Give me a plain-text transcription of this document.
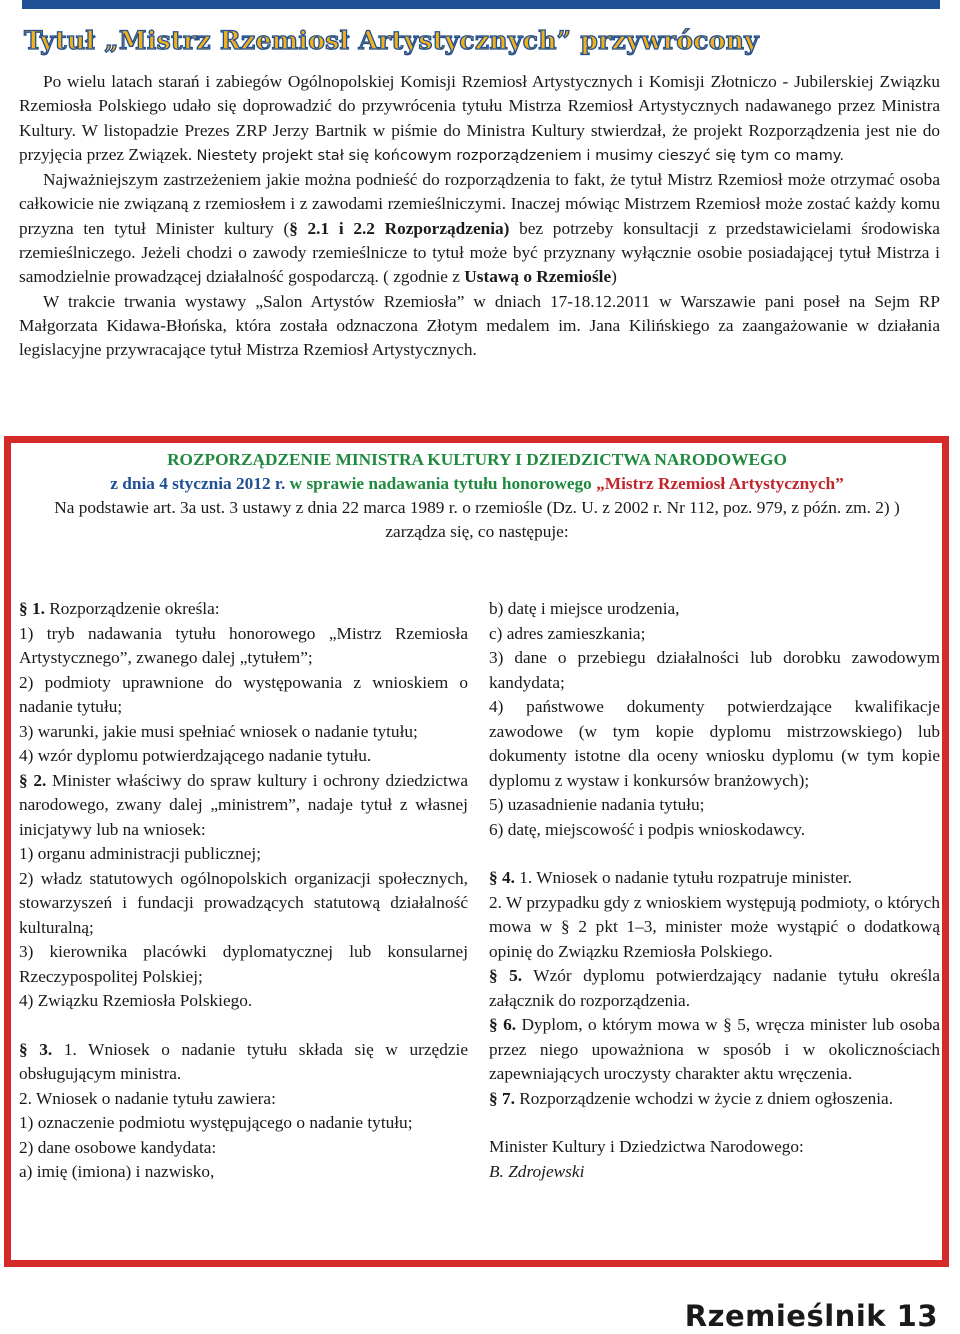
Tytuł „Mistrz Rzemiosł Artystycznych” przywrócony

Po wielu latach starań i zabiegów Ogólnopolskiej Komisji Rzemiosł Artystycznych i Komisji Złotniczo - Jubilerskiej Związku Rzemiosła Polskiego udało się doprowadzić do przywrócenia tytułu Mistrza Rzemiosł Artystycznych nadawanego przez Ministra Kultury. W listopadzie Prezes ZRP Jerzy Bartnik w piśmie do Ministra Kultury stwierdzał, że projekt Rozporządzenia jest nie do przyjęcia przez Związek. Niestety projekt stał się końcowym rozporządzeniem i musimy cieszyć się tym co mamy.

Najważniejszym zastrzeżeniem jakie można podnieść do rozporządzenia to fakt, że tytuł Mistrz Rzemiosł może otrzymać osoba całkowicie nie związaną z rzemiosłem i z zawodami rzemieślniczymi. Inaczej mówiąc Mistrzem Rzemiosł może zostać każdy komu przyzna ten tytuł Minister kultury (§ 2.1 i 2.2 Rozporządzenia) bez potrzeby konsultacji z przedstawicielami środowiska rzemieślniczego. Jeżeli chodzi o zawody rzemieślnicze to tytuł może być przyznany wyłącznie osobie posiadającej tytuł Mistrza i samodzielnie prowadzącej działalność gospodarczą. ( zgodnie z Ustawą o Rzemiośle)

W trakcie trwania wystawy „Salon Artystów Rzemiosła” w dniach 17-18.12.2011 w Warszawie pani poseł na Sejm RP Małgorzata Kidawa-Błońska, która została odznaczona Złotym medalem im. Jana Kilińskiego za zaangażowanie w działania legislacyjne przywracające tytuł Mistrza Rzemiosł Artystycznych.

ROZPORZĄDZENIE MINISTRA KULTURY I DZIEDZICTWA NARODOWEGO
z dnia 4 stycznia 2012 r. w sprawie nadawania tytułu honorowego „Mistrz Rzemiosł Artystycznych”
Na podstawie art. 3a ust. 3 ustawy z dnia 22 marca 1989 r. o rzemiośle (Dz. U. z 2002 r. Nr 112, poz. 979, z późn. zm. 2) ) zarządza się, co następuje:

§ 1. Rozporządzenie określa:

1) tryb nadawania tytułu honorowego „Mistrz Rzemiosła Artystycznego”, zwanego dalej „tytułem”;

2) podmioty uprawnione do występowania z wnioskiem o nadanie tytułu;

3) warunki, jakie musi spełniać wniosek o nadanie tytułu;

4) wzór dyplomu potwierdzającego nadanie tytułu.

§ 2. Minister właściwy do spraw kultury i ochrony dziedzictwa narodowego, zwany dalej „ministrem”, nadaje tytuł z własnej inicjatywy lub na wniosek:

1) organu administracji publicznej;

2) władz statutowych ogólnopolskich organizacji społecznych, stowarzyszeń i fundacji prowadzących statutową działalność kulturalną;

3) kierownika placówki dyplomatycznej lub konsularnej Rzeczypospolitej Polskiej;

4) Związku Rzemiosła Polskiego.

§ 3. 1. Wniosek o nadanie tytułu składa się w urzędzie obsługującym ministra.

2. Wniosek o nadanie tytułu zawiera:

1) oznaczenie podmiotu występującego o nadanie tytułu;

2) dane osobowe kandydata:

a) imię (imiona) i nazwisko,

b) datę i miejsce urodzenia,

c) adres zamieszkania;

3) dane o przebiegu działalności lub dorobku zawodowym kandydata;

4) państwowe dokumenty potwierdzające kwalifikacje zawodowe (w tym kopie dyplomu mistrzowskiego) lub dokumenty istotne dla oceny wniosku dyplomu (w tym kopie dyplomu z wystaw i konkursów branżowych);

5) uzasadnienie nadania tytułu;

6) datę, miejscowość i podpis wnioskodawcy.

§ 4. 1. Wniosek o nadanie tytułu rozpatruje minister.

2. W przypadku gdy z wnioskiem występują podmioty, o których mowa w § 2 pkt 1–3, minister może wystąpić o dodatkową opinię do Związku Rzemiosła Polskiego.

§ 5. Wzór dyplomu potwierdzający nadanie tytułu określa załącznik do rozporządzenia.

§ 6. Dyplom, o którym mowa w § 5, wręcza minister lub osoba przez niego upoważniona w sposób i w okolicznościach zapewniających uroczysty charakter aktu wręczenia.

§ 7. Rozporządzenie wchodzi w życie z dniem ogłoszenia.

Minister Kultury i Dziedzictwa Narodowego:

B. Zdrojewski

Rzemieślnik 13
